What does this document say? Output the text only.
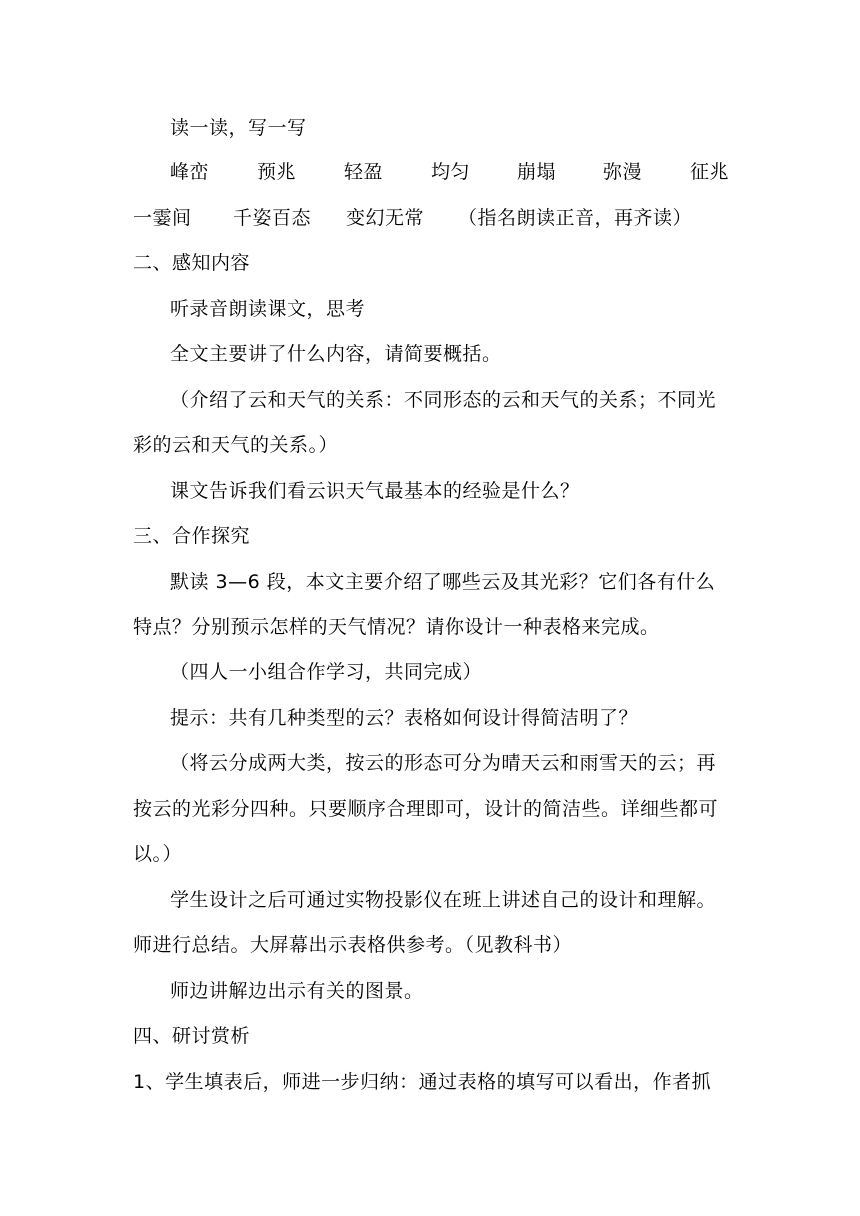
读一读，写一写
峰峦	预兆	轻盈	均匀 崩塌 弥漫	征兆
一霎间 千姿百态 变幻无常 （指名朗读正音，再齐读）
二、感知内容
听录音朗读课文，思考
全文主要讲了什么内容，请简要概括。
（介绍了云和天气的关系：不同形态的云和天气的关系；不同光
彩的云和天气的关系。）
课文告诉我们看云识天气最基本的经验是什么？
三、合作探究
默读 3—6 段，本文主要介绍了哪些云及其光彩？它们各有什么
特点？分别预示怎样的天气情况？请你设计一种表格来完成。
（四人一小组合作学习，共同完成）
提示：共有几种类型的云？表格如何设计得简洁明了？
（将云分成两大类，按云的形态可分为晴天云和雨雪天的云；再
按云的光彩分四种。只要顺序合理即可，设计的简洁些。详细些都可
以。）
学生设计之后可通过实物投影仪在班上讲述自己的设计和理解。
师进行总结。大屏幕出示表格供参考。（见教科书）
师边讲解边出示有关的图景。
四、研讨赏析
1、学生填表后，师进一步归纳：通过表格的填写可以看出，作者抓
